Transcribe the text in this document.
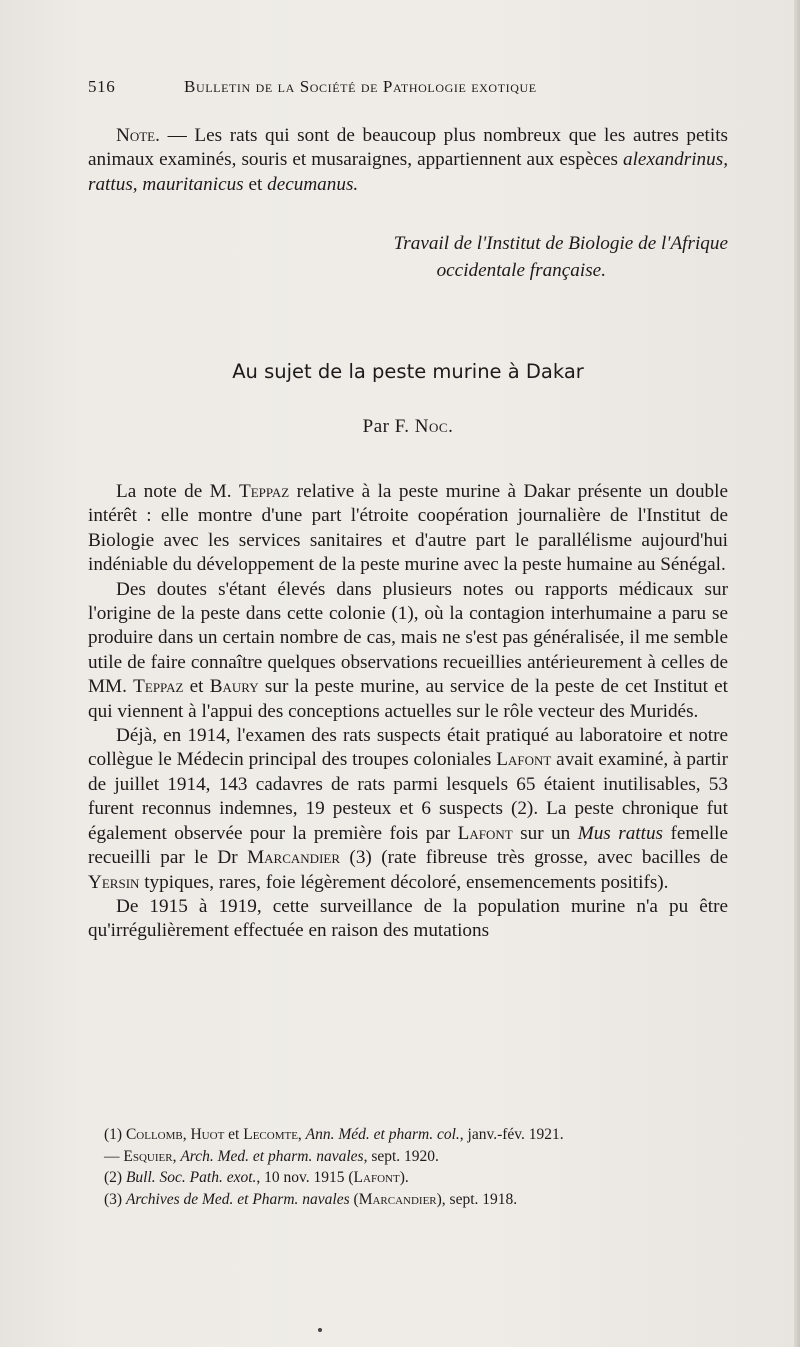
516	Bulletin de la Société de Pathologie exotique

Note. — Les rats qui sont de beaucoup plus nombreux que les autres petits animaux examinés, souris et musaraignes, appartiennent aux espèces alexandrinus, rattus, mauritanicus et decumanus.

Travail de l'Institut de Biologie de l'Afrique
occidentale française.
Au sujet de la peste murine à Dakar
Par F. Noc.

La note de M. Teppaz relative à la peste murine à Dakar présente un double intérêt : elle montre d'une part l'étroite coopération journalière de l'Institut de Biologie avec les services sanitaires et d'autre part le parallélisme aujourd'hui indéniable du développement de la peste murine avec la peste humaine au Sénégal.

Des doutes s'étant élevés dans plusieurs notes ou rapports médicaux sur l'origine de la peste dans cette colonie (1), où la contagion interhumaine a paru se produire dans un certain nombre de cas, mais ne s'est pas généralisée, il me semble utile de faire connaître quelques observations recueillies antérieurement à celles de MM. Teppaz et Baury sur la peste murine, au service de la peste de cet Institut et qui viennent à l'appui des conceptions actuelles sur le rôle vecteur des Muridés.

Déjà, en 1914, l'examen des rats suspects était pratiqué au laboratoire et notre collègue le Médecin principal des troupes coloniales Lafont avait examiné, à partir de juillet 1914, 143 cadavres de rats parmi lesquels 65 étaient inutilisables, 53 furent reconnus indemnes, 19 pesteux et 6 suspects (2). La peste chronique fut également observée pour la première fois par Lafont sur un Mus rattus femelle recueilli par le Dr Marcandier (3) (rate fibreuse très grosse, avec bacilles de Yersin typiques, rares, foie légèrement décoloré, ensemencements positifs).

De 1915 à 1919, cette surveillance de la population murine n'a pu être qu'irrégulièrement effectuée en raison des mutations

(1) Collomb, Huot et Lecomte, Ann. Méd. et pharm. col., janv.-fév. 1921.
— Esquier, Arch. Med. et pharm. navales, sept. 1920.

(2) Bull. Soc. Path. exot., 10 nov. 1915 (Lafont).

(3) Archives de Med. et Pharm. navales (Marcandier), sept. 1918.
